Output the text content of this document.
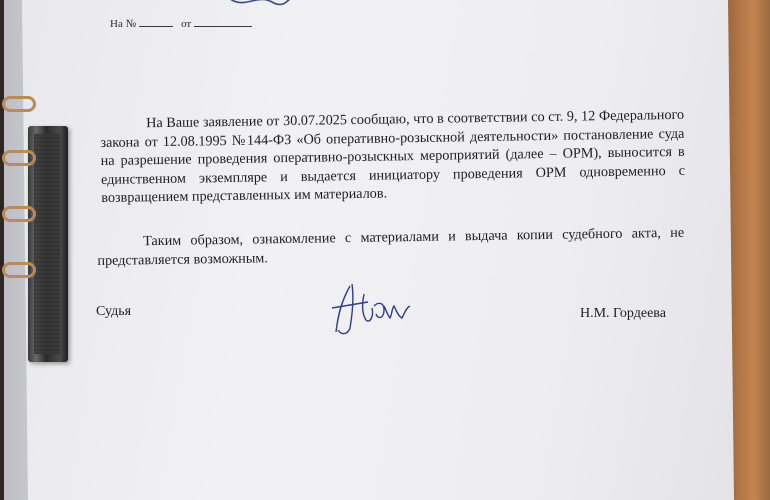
На №	от
На Ваше заявление от 30.07.2025 сообщаю, что в соответствии со ст. 9, 12 Федерального закона от 12.08.1995 №144-ФЗ «Об оперативно-розыскной деятельности» постановление суда на разрешение проведения оперативно-розыскных мероприятий (далее – ОРМ), выносится в единственном экземпляре и выдается инициатору проведения ОРМ одновременно с возвращением представленных им материалов.
Таким образом, ознакомление с материалами и выдача копии судебного акта, не представляется возможным.
Судья	Н.М. Гордеева
